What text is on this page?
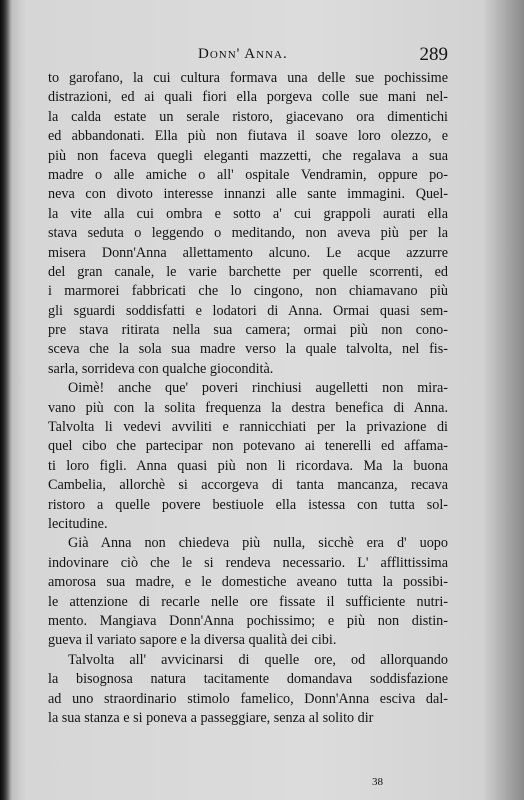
Donn' Anna.	289
to garofano, la cui cultura formava una delle sue pochissime
distrazioni, ed ai quali fiori ella porgeva colle sue mani nel-
la calda estate un serale ristoro, giacevano ora dimentichi
ed abbandonati. Ella più non fiutava il soave loro olezzo, e
più non faceva quegli eleganti mazzetti, che regalava a sua
madre o alle amiche o all' ospitale Vendramin, oppure po-
neva con divoto interesse innanzi alle sante immagini. Quel-
la vite alla cui ombra e sotto a' cui grappoli aurati ella
stava seduta o leggendo o meditando, non aveva più per la
misera Donn'Anna allettamento alcuno. Le acque azzurre
del gran canale, le varie barchette per quelle scorrenti, ed
i marmorei fabbricati che lo cingono, non chiamavano più
gli sguardi soddisfatti e lodatori di Anna. Ormai quasi sem-
pre stava ritirata nella sua camera; ormai più non cono-
sceva che la sola sua madre verso la quale talvolta, nel fis-
sarla, sorrideva con qualche giocondità.
Oimè! anche que' poveri rinchiusi augelletti non mira-
vano più con la solita frequenza la destra benefica di Anna.
Talvolta li vedevi avviliti e rannicchiati per la privazione di
quel cibo che partecipar non potevano ai tenerelli ed affama-
ti loro figli. Anna quasi più non li ricordava. Ma la buona
Cambelia, allorchè si accorgeva di tanta mancanza, recava
ristoro a quelle povere bestiuole ella istessa con tutta sol-
lecitudine.
Già Anna non chiedeva più nulla, sicchè era d' uopo
indovinare ciò che le si rendeva necessario. L' afflittissima
amorosa sua madre, e le domestiche aveano tutta la possibi-
le attenzione di recarle nelle ore fissate il sufficiente nutri-
mento. Mangiava Donn'Anna pochissimo; e più non distin-
gueva il variato sapore e la diversa qualità dei cibi.
Talvolta all' avvicinarsi di quelle ore, od allorquando
la bisognosa natura tacitamente domandava soddisfazione
ad uno straordinario stimolo famelico, Donn'Anna esciva dal-
la sua stanza e si poneva a passeggiare, senza al solito dir
38
